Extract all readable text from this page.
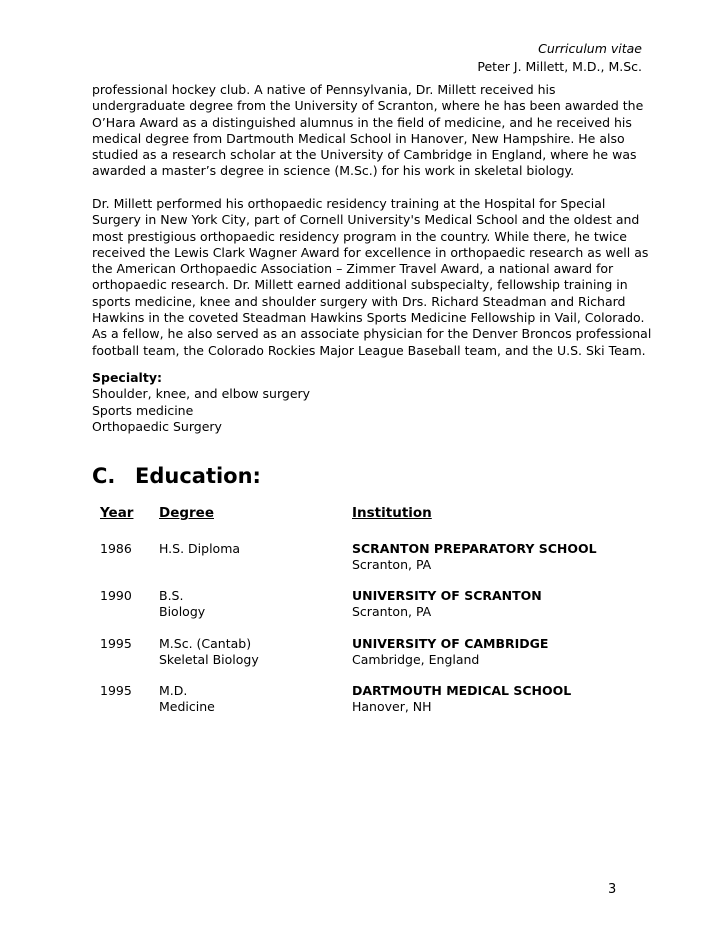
Curriculum vitae
Peter J. Millett, M.D., M.Sc.
professional hockey club. A native of Pennsylvania, Dr. Millett received his undergraduate degree from the University of Scranton, where he has been awarded the O’Hara Award as a distinguished alumnus in the field of medicine, and he received his medical degree from Dartmouth Medical School in Hanover, New Hampshire. He also studied as a research scholar at the University of Cambridge in England, where he was awarded a master’s degree in science (M.Sc.) for his work in skeletal biology.
Dr. Millett performed his orthopaedic residency training at the Hospital for Special Surgery in New York City, part of Cornell University's Medical School and the oldest and most prestigious orthopaedic residency program in the country. While there, he twice received the Lewis Clark Wagner Award for excellence in orthopaedic research as well as the American Orthopaedic Association – Zimmer Travel Award, a national award for orthopaedic research. Dr. Millett earned additional subspecialty, fellowship training in sports medicine, knee and shoulder surgery with Drs. Richard Steadman and Richard Hawkins in the coveted Steadman Hawkins Sports Medicine Fellowship in Vail, Colorado. As a fellow, he also served as an associate physician for the Denver Broncos professional football team, the Colorado Rockies Major League Baseball team, and the U.S. Ski Team.
Specialty:
Shoulder, knee, and elbow surgery
Sports medicine
Orthopaedic Surgery
C. Education:
Year Degree	Institution
1986 H.S. Diploma	SCRANTON PREPARATORY SCHOOL
Scranton, PA
1990 B.S.
Biology
UNIVERSITY OF SCRANTON
Scranton, PA
1995 M.Sc. (Cantab)
Skeletal Biology
UNIVERSITY OF CAMBRIDGE
Cambridge, England
1995 M.D.
Medicine
DARTMOUTH MEDICAL SCHOOL
Hanover, NH
3
